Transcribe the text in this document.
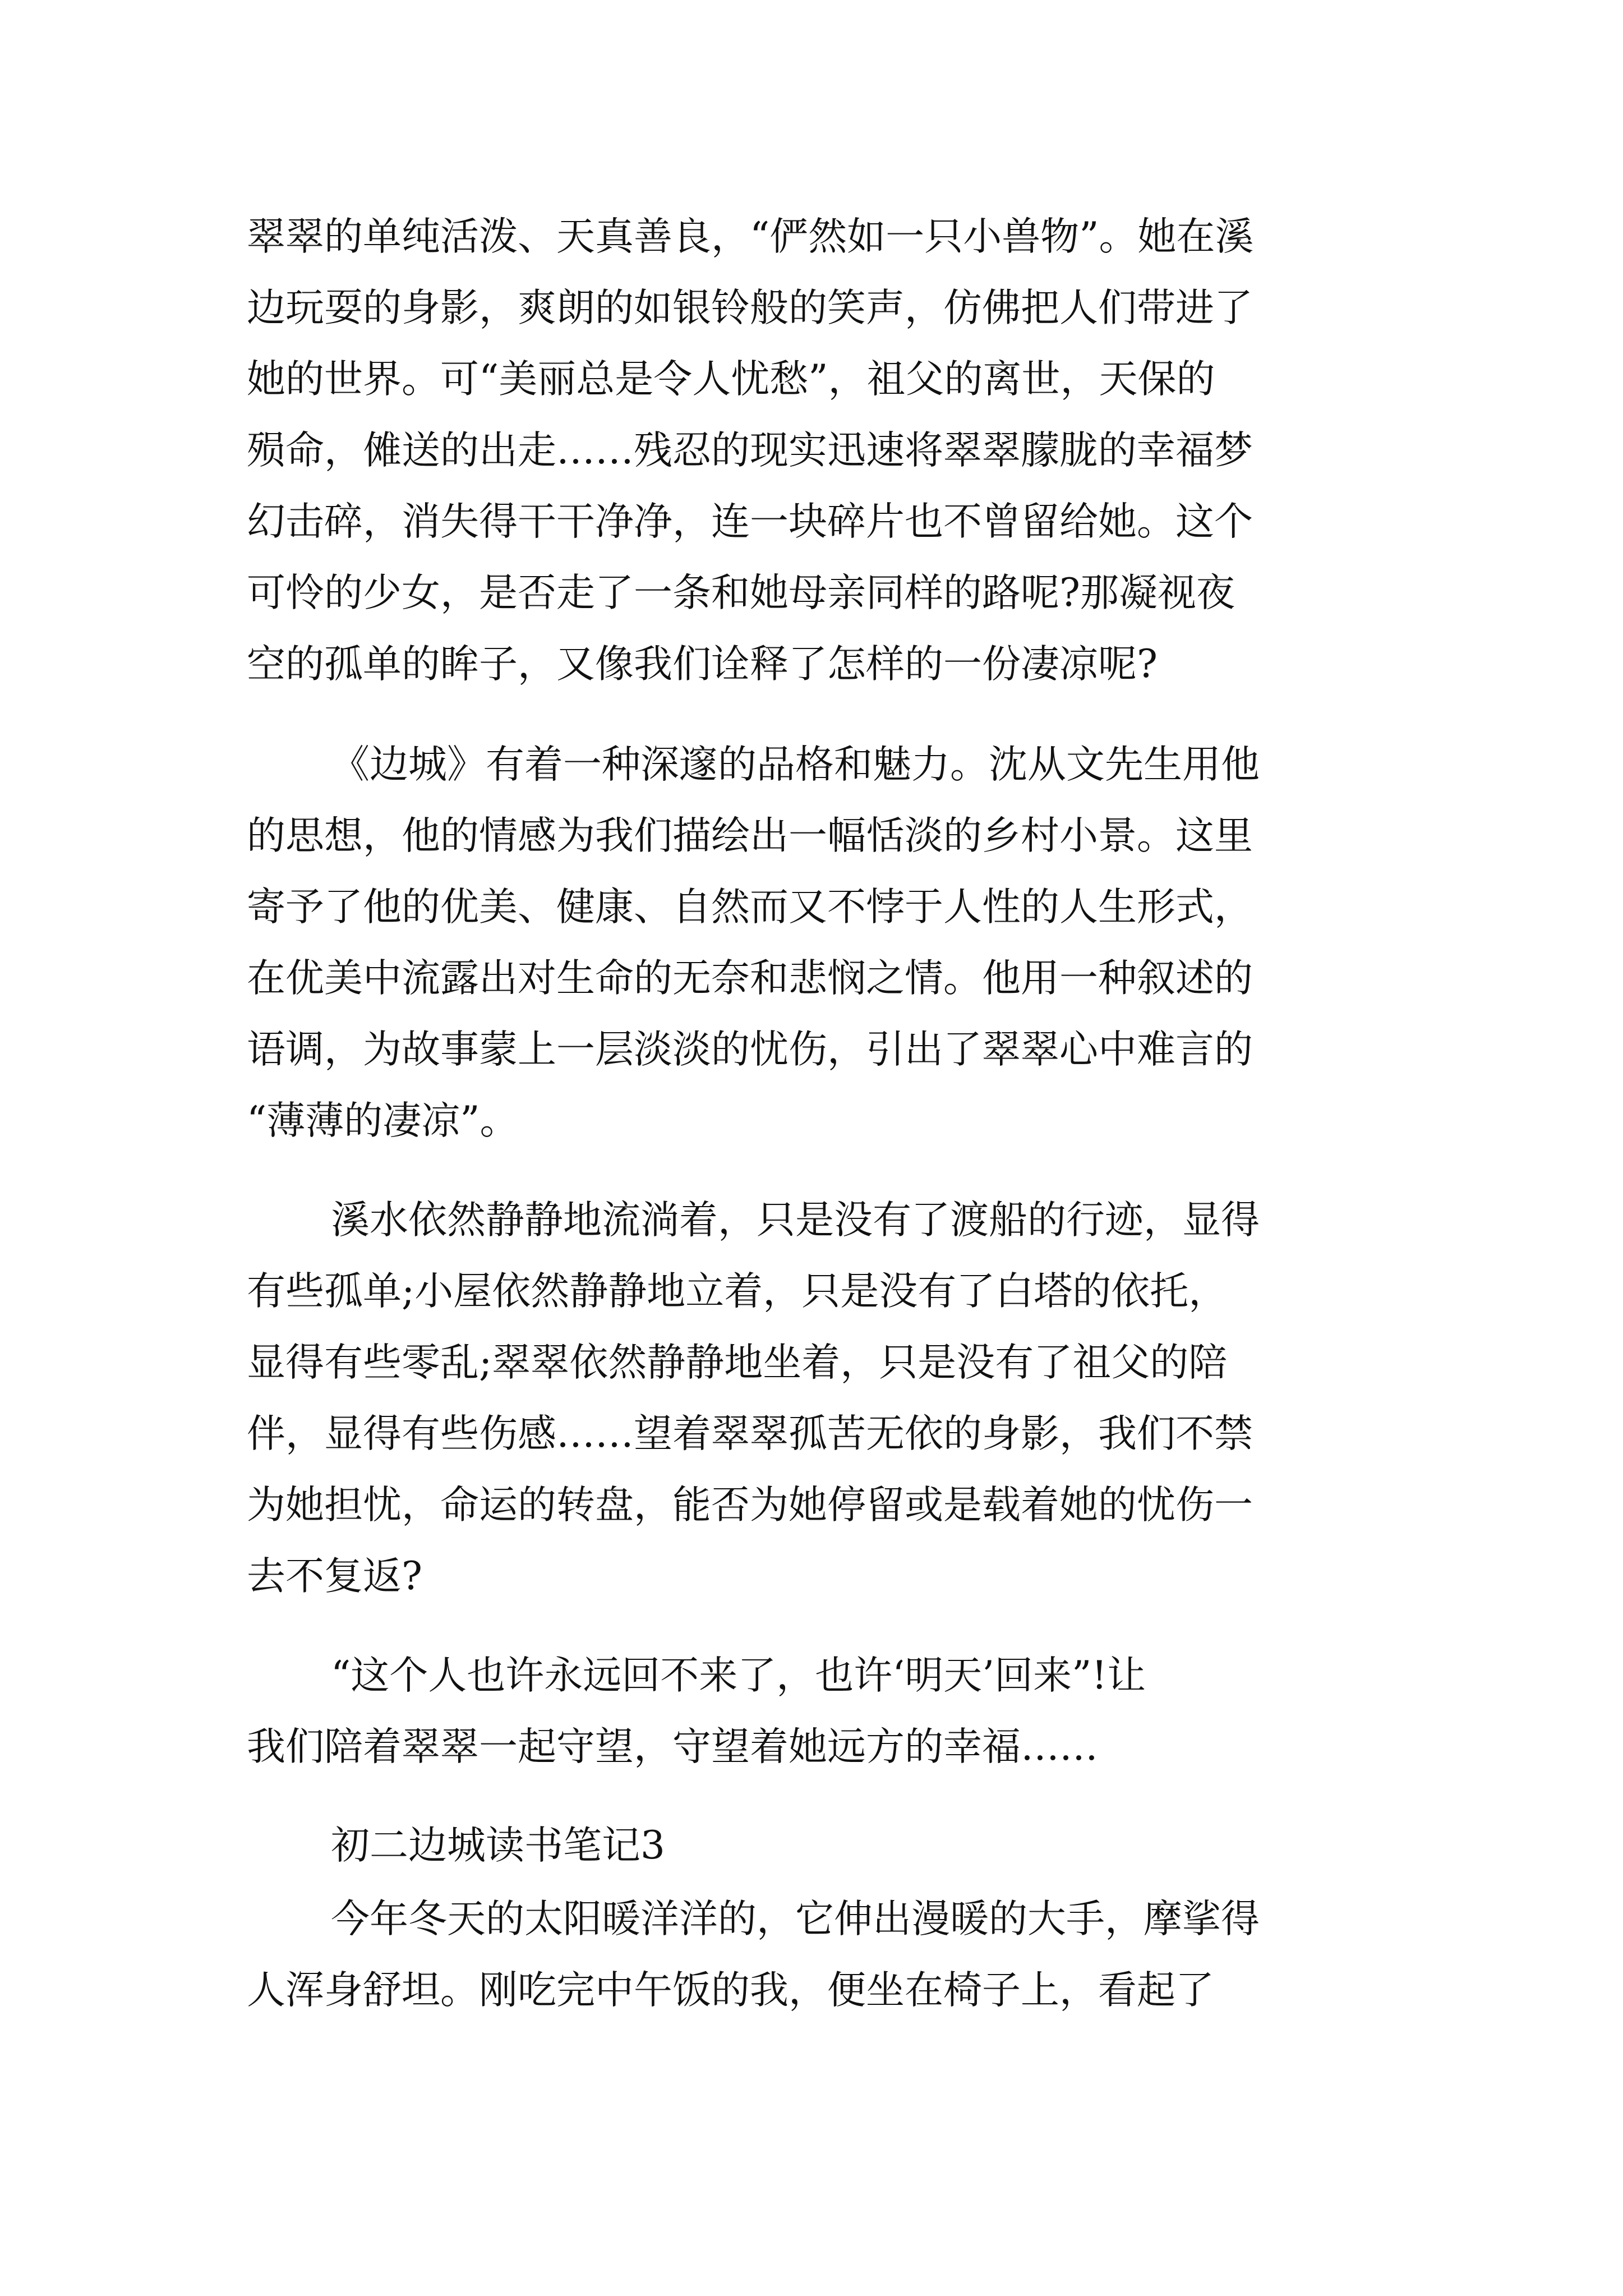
翠翠的单纯活泼、天真善良，“俨然如一只小兽物”。她在溪

边玩耍的身影，爽朗的如银铃般的笑声，仿佛把人们带进了

她的世界。可“美丽总是令人忧愁”，祖父的离世，天保的

殒命，傩送的出走……残忍的现实迅速将翠翠朦胧的幸福梦

幻击碎，消失得干干净净，连一块碎片也不曾留给她。这个

可怜的少女，是否走了一条和她母亲同样的路呢?那凝视夜

空的孤单的眸子，又像我们诠释了怎样的一份凄凉呢?

《边城》有着一种深邃的品格和魅力。沈从文先生用他

的思想，他的情感为我们描绘出一幅恬淡的乡村小景。这里

寄予了他的优美、健康、自然而又不悖于人性的人生形式，

在优美中流露出对生命的无奈和悲悯之情。他用一种叙述的

语调，为故事蒙上一层淡淡的忧伤，引出了翠翠心中难言的

“薄薄的凄凉”。

溪水依然静静地流淌着，只是没有了渡船的行迹，显得

有些孤单;小屋依然静静地立着，只是没有了白塔的依托，

显得有些零乱;翠翠依然静静地坐着，只是没有了祖父的陪

伴，显得有些伤感……望着翠翠孤苦无依的身影，我们不禁

为她担忧，命运的转盘，能否为她停留或是载着她的忧伤一

去不复返?

“这个人也许永远回不来了，也许‘明天’回来”!让

我们陪着翠翠一起守望，守望着她远方的幸福……

初二边城读书笔记3

今年冬天的太阳暖洋洋的，它伸出漫暖的大手，摩挲得

人浑身舒坦。刚吃完中午饭的我，便坐在椅子上，看起了
